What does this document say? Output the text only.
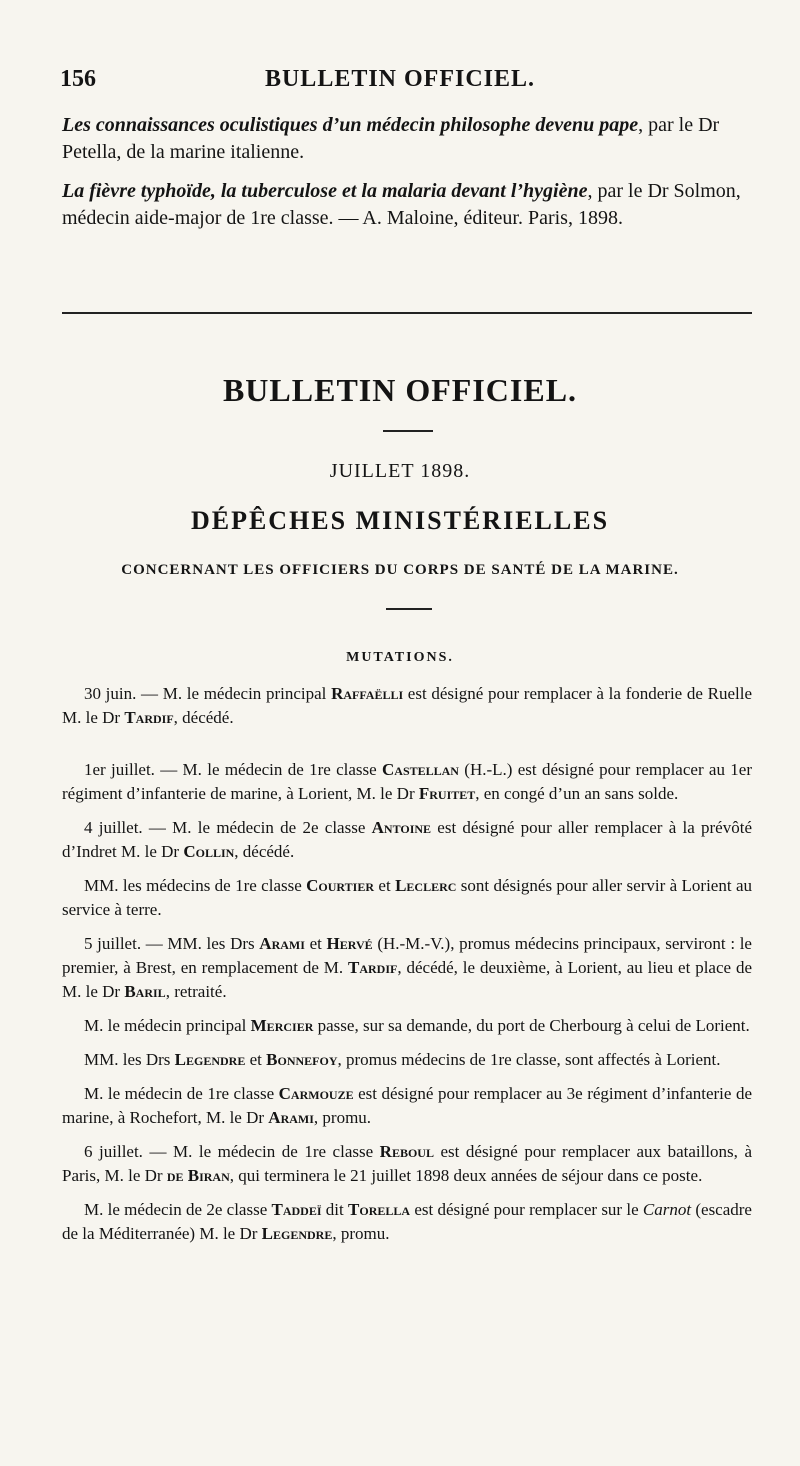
156	BULLETIN OFFICIEL.

Les connaissances oculistiques d’un médecin philosophe devenu pape, par le Dr Petella, de la marine italienne.

La fièvre typhoïde, la tuberculose et la malaria devant l’hygiène, par le Dr Solmon, médecin aide-major de 1re classe. — A. Maloine, éditeur. Paris, 1898.

BULLETIN OFFICIEL.
JUILLET 1898.
DÉPÊCHES MINISTÉRIELLES
CONCERNANT LES OFFICIERS DU CORPS DE SANTÉ DE LA MARINE.
MUTATIONS.

30 juin. — M. le médecin principal Raffaëlli est désigné pour remplacer à la fonderie de Ruelle M. le Dr Tardif, décédé.

1er juillet. — M. le médecin de 1re classe Castellan (H.-L.) est désigné pour remplacer au 1er régiment d’infanterie de marine, à Lorient, M. le Dr Fruitet, en congé d’un an sans solde.

4 juillet. — M. le médecin de 2e classe Antoine est désigné pour aller remplacer à la prévôté d’Indret M. le Dr Collin, décédé.

MM. les médecins de 1re classe Courtier et Leclerc sont désignés pour aller servir à Lorient au service à terre.

5 juillet. — MM. les Drs Arami et Hervé (H.-M.-V.), promus médecins principaux, serviront : le premier, à Brest, en remplacement de M. Tardif, décédé, le deuxième, à Lorient, au lieu et place de M. le Dr Baril, retraité.

M. le médecin principal Mercier passe, sur sa demande, du port de Cherbourg à celui de Lorient.

MM. les Drs Legendre et Bonnefoy, promus médecins de 1re classe, sont affectés à Lorient.

M. le médecin de 1re classe Carmouze est désigné pour remplacer au 3e régiment d’infanterie de marine, à Rochefort, M. le Dr Arami, promu.

6 juillet. — M. le médecin de 1re classe Reboul est désigné pour remplacer aux bataillons, à Paris, M. le Dr de Biran, qui terminera le 21 juillet 1898 deux années de séjour dans ce poste.

M. le médecin de 2e classe Taddeï dit Torella est désigné pour remplacer sur le Carnot (escadre de la Méditerranée) M. le Dr Legendre, promu.
